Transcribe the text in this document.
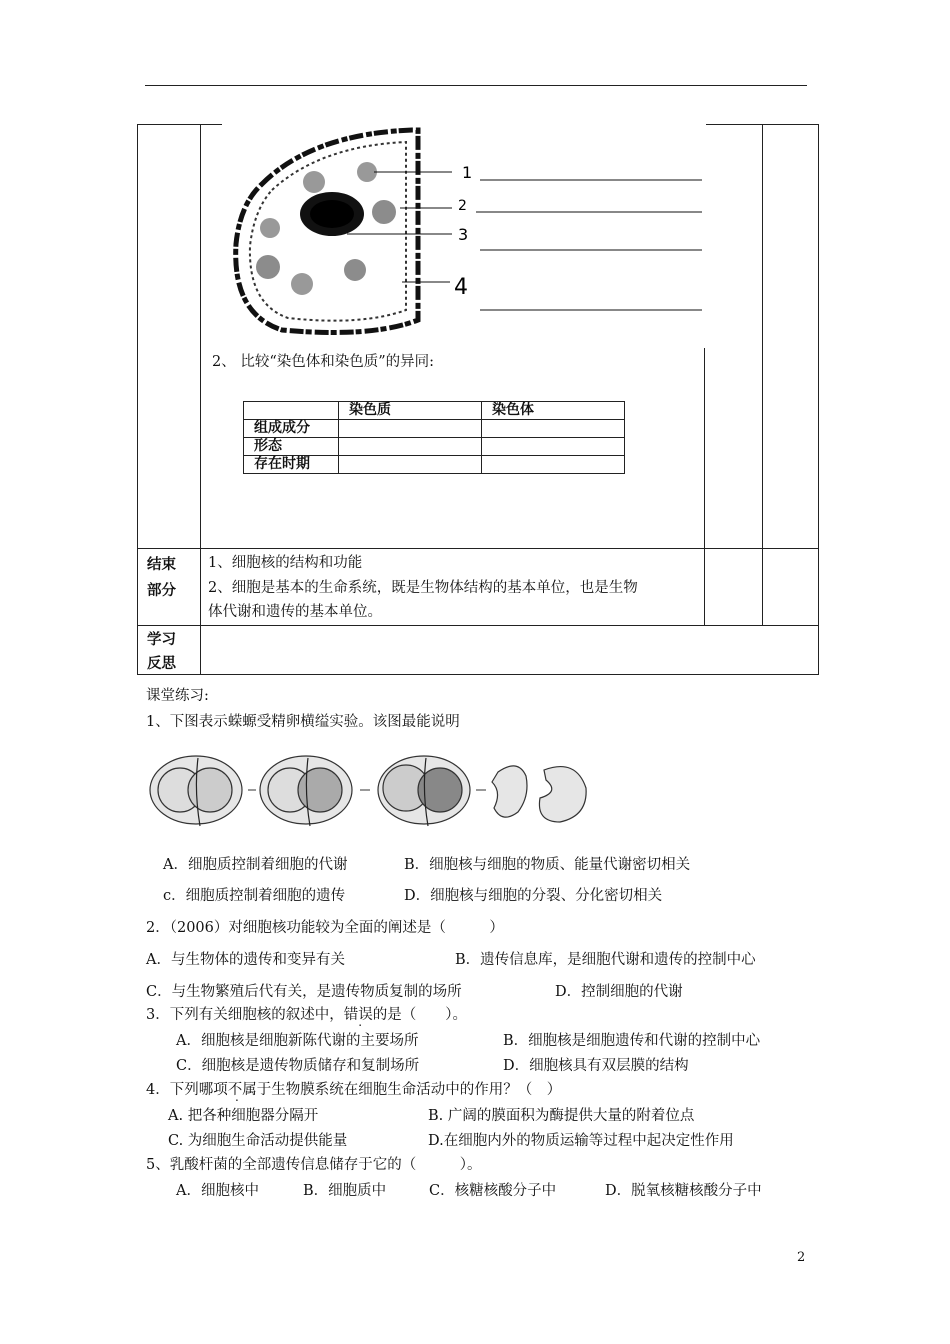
1
2
3
4
2、 比较“染色体和染色质”的异同:
	染色质	染色体
组成成分		
形态		
存在时期		
结束
部分
1、细胞核的结构和功能
2、细胞是基本的生命系统，既是生物体结构的基本单位，也是生物
体代谢和遗传的基本单位。
学习
反思
课堂练习:
1、下图表示蝾螈受精卵横缢实验。该图最能说明
A．细胞质控制着细胞的代谢	B．细胞核与细胞的物质、能量代谢密切相关
c．细胞质控制着细胞的遗传	D．细胞核与细胞的分裂、分化密切相关
2．（2006）对细胞核功能较为全面的阐述是（　　　）
A．与生物体的遗传和变异有关	B．遗传信息库，是细胞代谢和遗传的控制中心
C．与生物繁殖后代有关，是遗传物质复制的场所	D．控制细胞的代谢
3．下列有关细胞核的叙述中，错误的是（　　）。
A．细胞核是细胞新陈代谢的主要场所	B．细胞核是细胞遗传和代谢的控制中心
C．细胞核是遗传物质储存和复制场所	D．细胞核具有双层膜的结构
4．下列哪项不属于生物膜系统在细胞生命活动中的作用？（　）
A. 把各种细胞器分隔开	B. 广阔的膜面积为酶提供大量的附着位点
C. 为细胞生命活动提供能量	D.在细胞内外的物质运输等过程中起决定性作用
5、乳酸杆菌的全部遗传信息储存于它的（　　　）。
A．细胞核中	B．细胞质中	C．核糖核酸分子中	D．脱氧核糖核酸分子中
2
